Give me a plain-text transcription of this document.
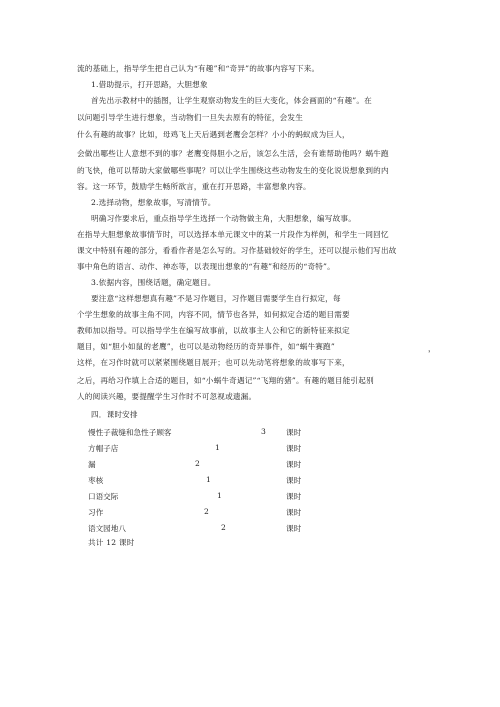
流的基础上，指导学生把自己认为“有趣”和“奇异”的故事内容写下来。
1.借助提示，打开思路，大胆想象
首先出示教材中的插图，让学生观察动物发生的巨大变化，体会画面的“有趣”。在
以问题引导学生进行想象，当动物们一旦失去原有的特征，会发生
什么有趣的故事？比如，母鸡飞上天后遇到老鹰会怎样？小小的蚂蚁成为巨人，
会做出哪些让人意想不到的事？老鹰变得胆小之后，该怎么生活，会有谁帮助他吗？蜗牛跑
的飞快，他可以帮助大家做哪些事呢？可以让学生围绕这些动物发生的变化说说想象到的内
容。这一环节，鼓励学生畅所欲言，重在打开思路，丰富想象内容。
2.选择动物，想象故事，写清情节。
明确习作要求后，重点指导学生选择一个动物做主角，大胆想象，编写故事。
在指导大胆想象故事情节时，可以选择本单元课文中的某一片段作为样例，和学生一同回忆
课文中特别有趣的部分，看看作者是怎么写的。习作基础较好的学生，还可以提示他们写出故
事中角色的语言、动作、神态等，以表现出想象的“有趣”和经历的“奇特”。
3.依据内容，围绕话题，确定题目。
要注意“这样想想真有趣”不是习作题目，习作题目需要学生自行拟定，每
个学生想象的故事主角不同，内容不同，情节也各异，如何拟定合适的题目需要
教师加以指导。可以指导学生在编写故事前，以故事主人公和它的新特征来拟定
题目，如“胆小如鼠的老鹰”，也可以是动物经历的奇异事件，如“蜗牛赛跑”	，
这样，在习作时就可以紧紧围绕题目展开；也可以先动笔将想象的故事写下来，
之后，再给习作填上合适的题目，如“小蜗牛奇遇记”“飞翔的猪”。有趣的题目能引起别
人的阅读兴趣，要提醒学生习作时不可忽视或遗漏。
四．课时安排
慢性子裁缝和急性子顾客	3	课时
方帽子店	1	课时
漏	2	课时
枣核	1	课时
口语交际	1	课时
习作	2	课时
语文园地八	2	课时
共计 12 课时
